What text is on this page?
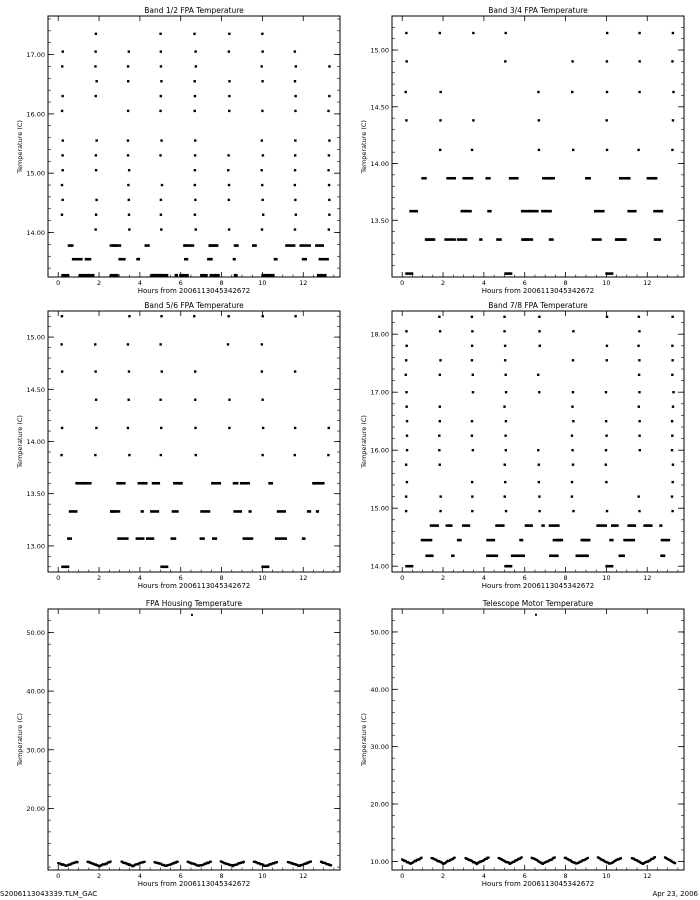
Band 1/2 FPA Temperature
Hours from 2006113045342672
Temperature (C)
0	2	4	6	8	10	12
14.00
15.00
16.00
17.00
Band 3/4 FPA Temperature
Hours from 2006113045342672
Temperature (C)
0	2	4	6	8	10	12
13.50
14.00
14.50
15.00
Band 5/6 FPA Temperature
Hours from 2006113045342672
Temperature (C)
0	2	4	6	8	10	12
13.00
13.50
14.00
14.50
15.00
Band 7/8 FPA Temperature
Hours from 2006113045342672
Temperature (C)
0	2	4	6	8	10	12
14.00
15.00
16.00
17.00
18.00
FPA Housing Temperature
Hours from 2006113045342672
Temperature (C)
0	2	4	6	8	10	12
20.00
30.00
40.00
50.00
Telescope Motor Temperature
Hours from 2006113045342672
Temperature (C)
0	2	4	6	8	10	12
10.00
20.00
30.00
40.00
50.00
S2006113043339.TLM_GAC	Apr 23, 2006
